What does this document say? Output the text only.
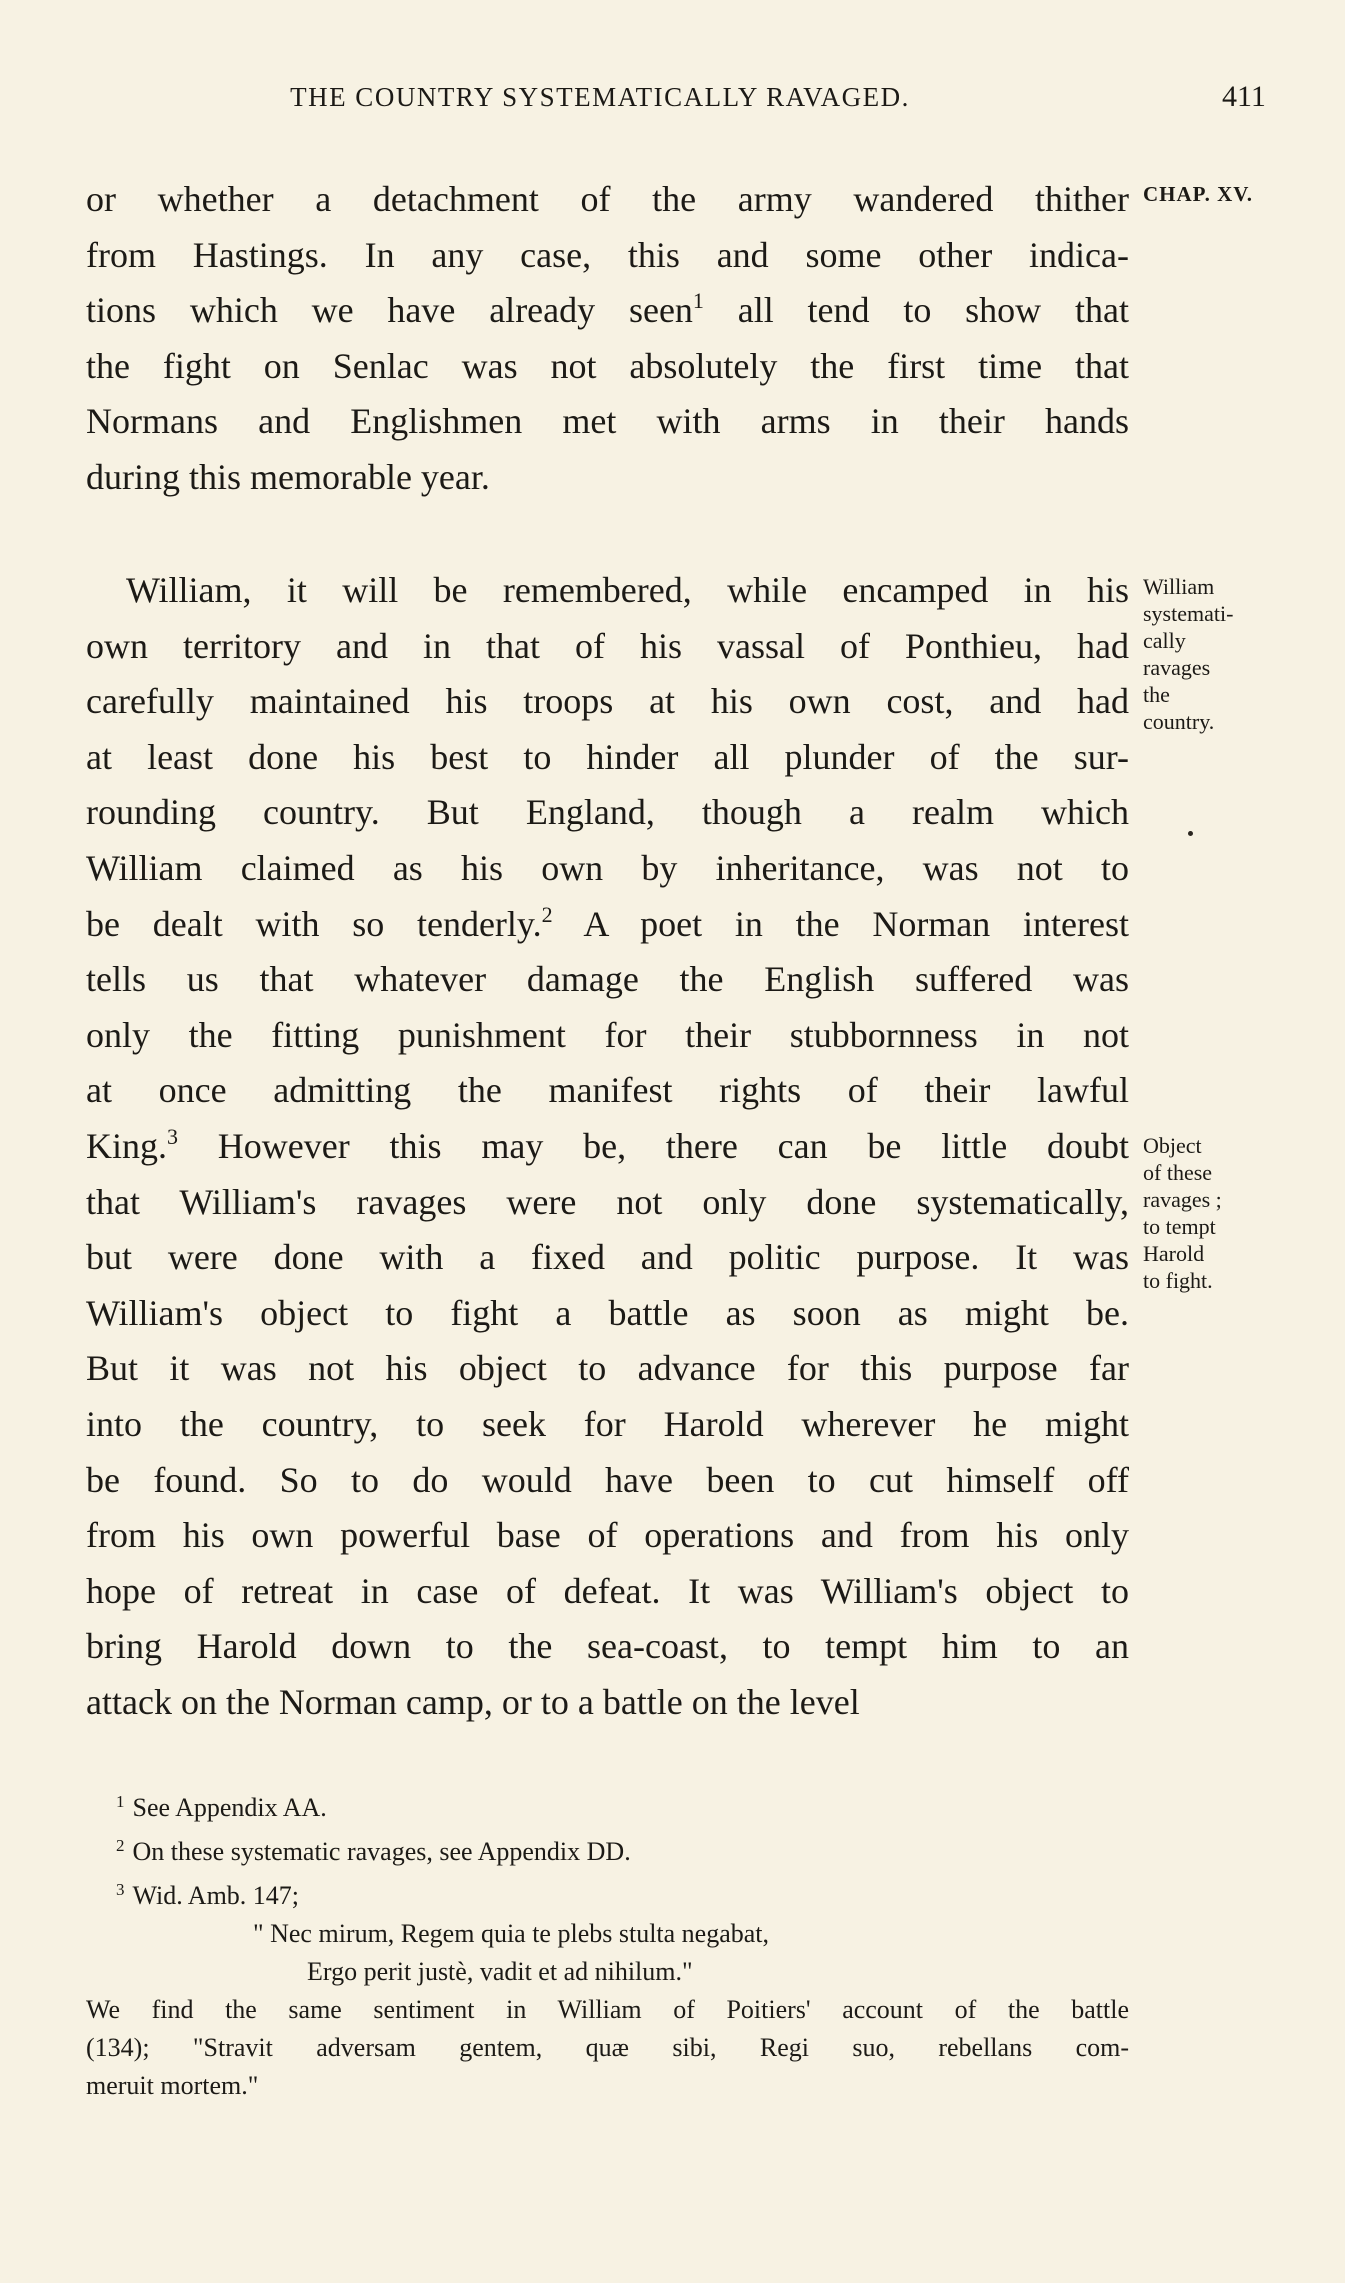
THE COUNTRY SYSTEMATICALLY RAVAGED.	411
or whether a detachment of the army wandered thither
from Hastings. In any case, this and some other indica-
tions which we have already seen$^1$ all tend to show that
the fight on Senlac was not absolutely the first time that
Normans and Englishmen met with arms in their hands
during this memorable year.
William, it will be remembered, while encamped in his
own territory and in that of his vassal of Ponthieu, had
carefully maintained his troops at his own cost, and had
at least done his best to hinder all plunder of the sur-
rounding country. But England, though a realm which
William claimed as his own by inheritance, was not to
be dealt with so tenderly.$^2$ A poet in the Norman interest
tells us that whatever damage the English suffered was
only the fitting punishment for their stubbornness in not
at once admitting the manifest rights of their lawful
King.$^3$ However this may be, there can be little doubt
that William's ravages were not only done systematically,
but were done with a fixed and politic purpose. It was
William's object to fight a battle as soon as might be.
But it was not his object to advance for this purpose far
into the country, to seek for Harold wherever he might
be found. So to do would have been to cut himself off
from his own powerful base of operations and from his only
hope of retreat in case of defeat. It was William's object to
bring Harold down to the sea-coast, to tempt him to an
attack on the Norman camp, or to a battle on the level
CHAP. XV.
William
systemati-
cally
ravages
the
country.
Object
of these
ravages ;
to tempt
Harold
to fight.
$^1$ See Appendix AA.
$^2$ On these systematic ravages, see Appendix DD.
$^3$ Wid. Amb. 147;
" Nec mirum, Regem quia te plebs stulta negabat,
Ergo perit justè, vadit et ad nihilum."
We find the same sentiment in William of Poitiers' account of the battle
(134); "Stravit adversam gentem, quæ sibi, Regi suo, rebellans com-
meruit mortem."
